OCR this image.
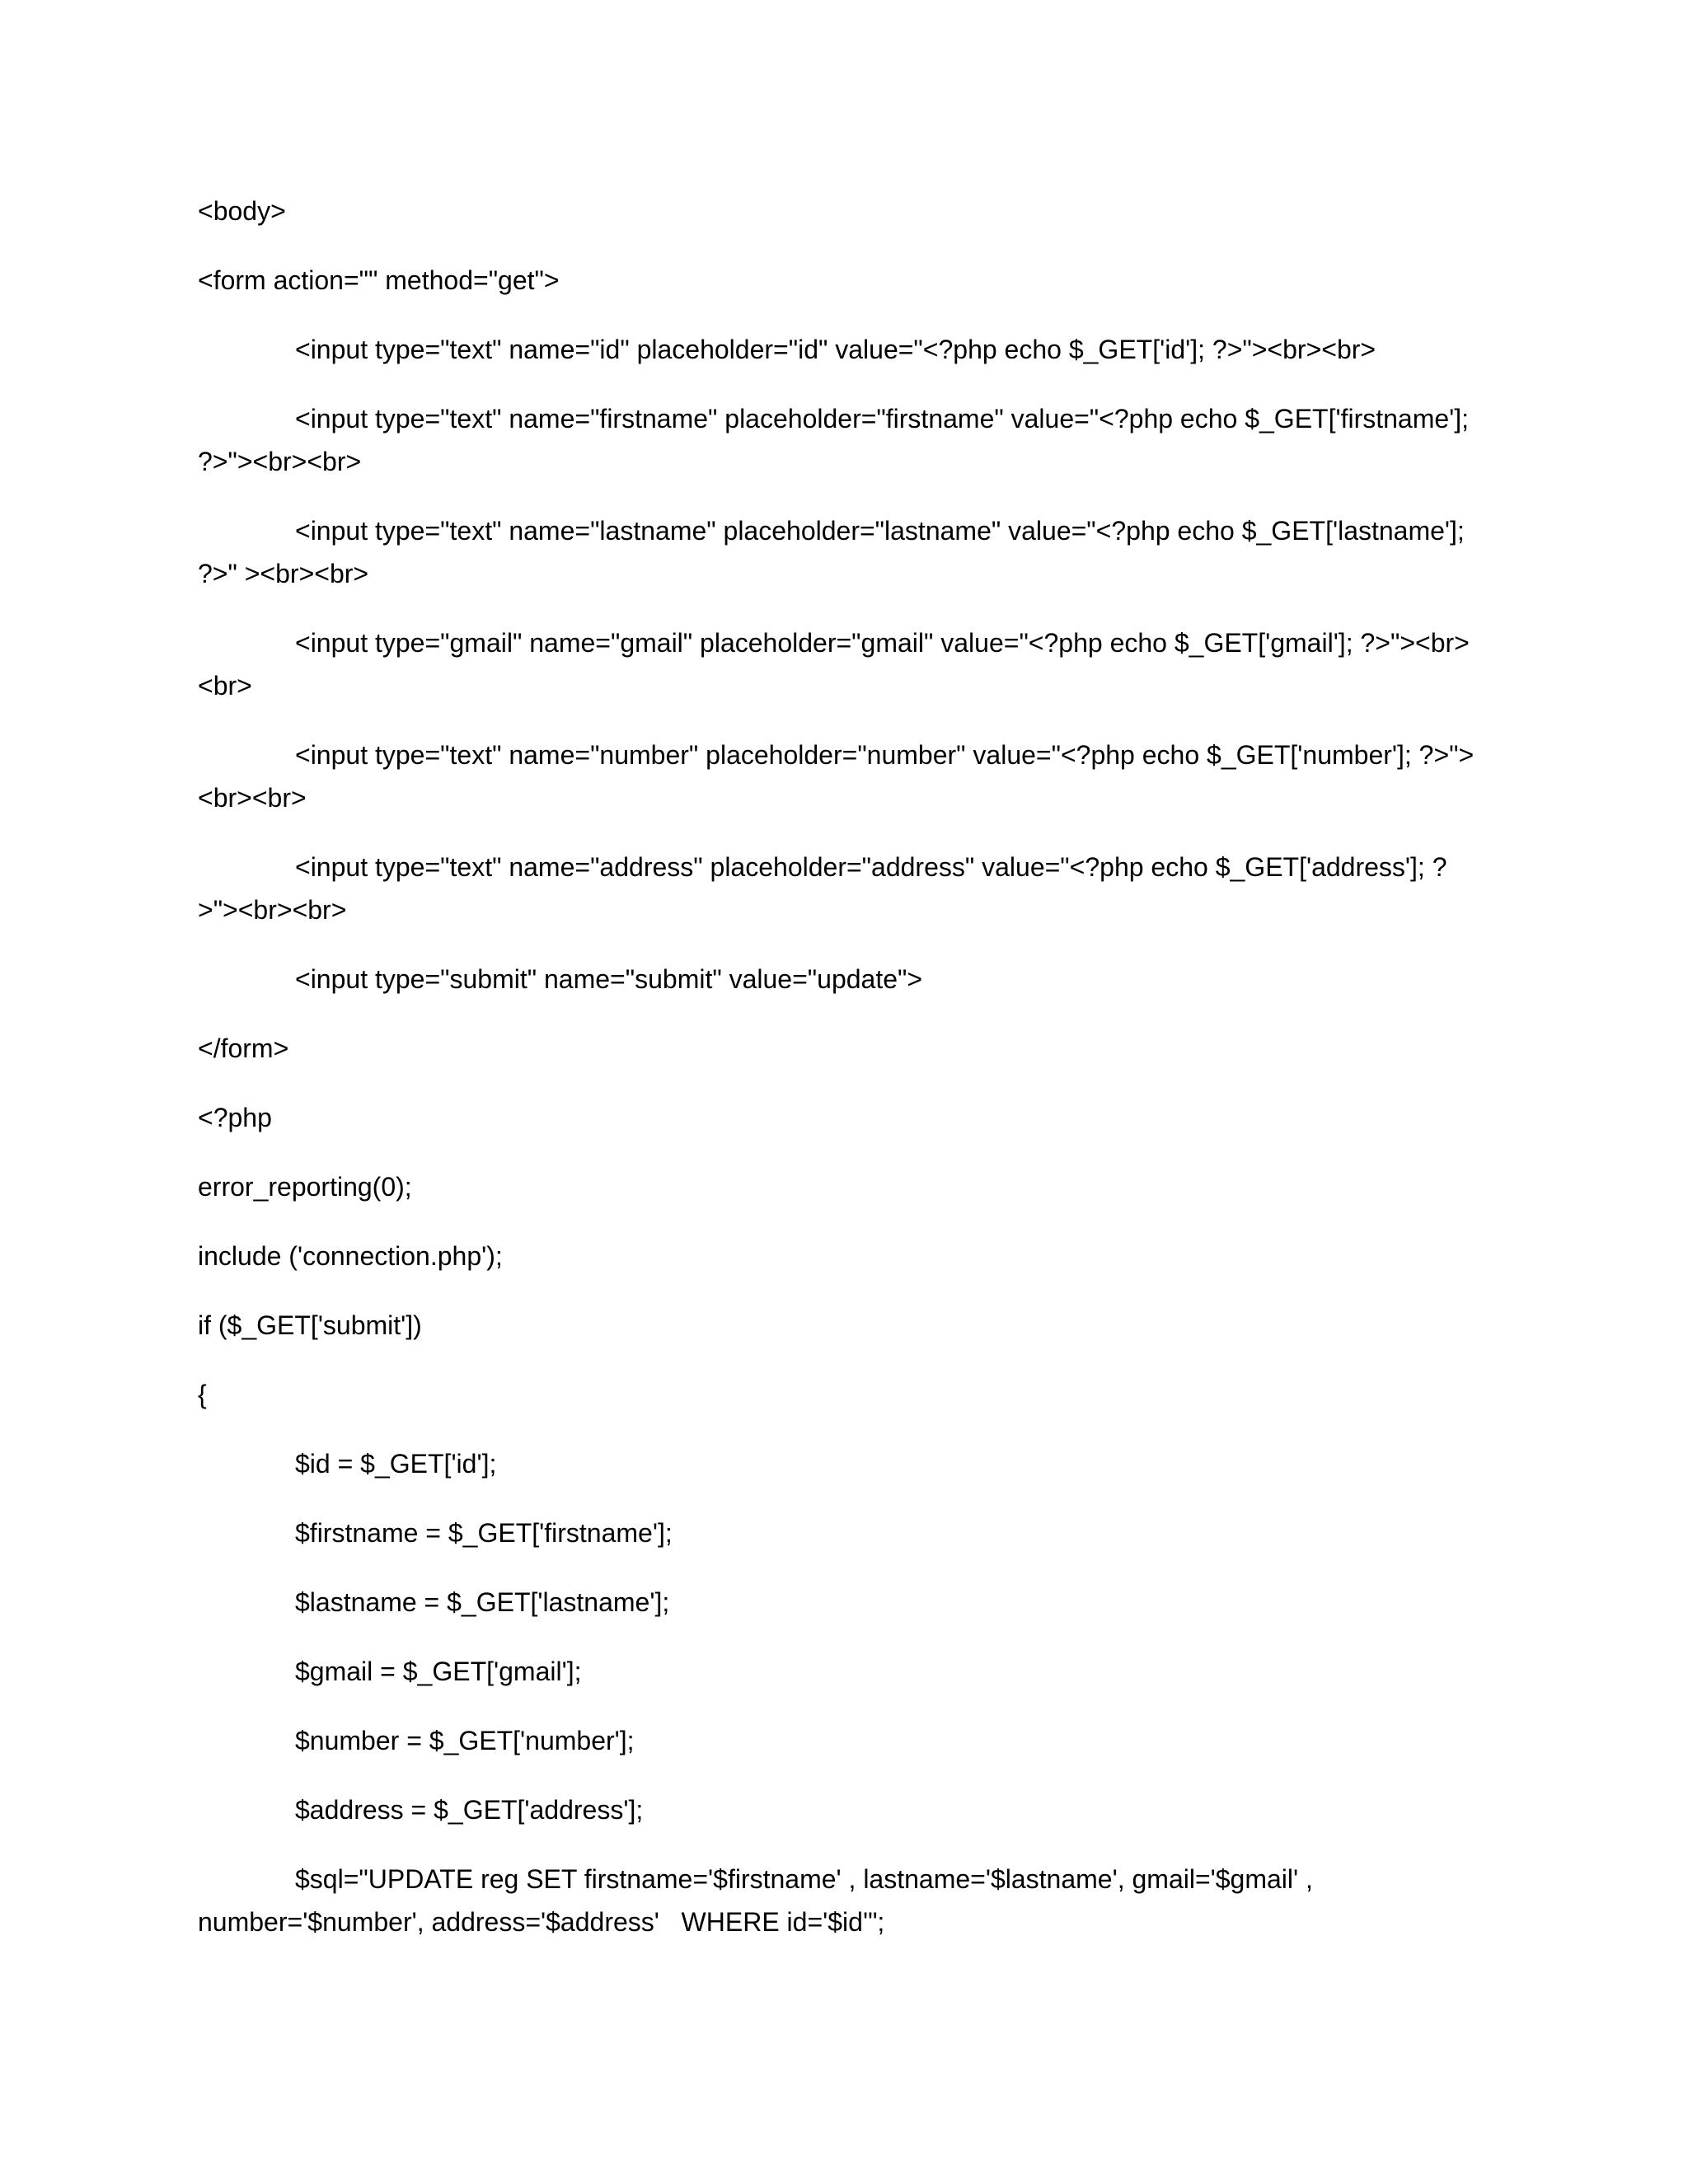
<body>

<form action="" method="get">

<input type="text" name="id" placeholder="id" value="<?php echo $_GET['id']; ?>"><br><br>

<input type="text" name="firstname" placeholder="firstname" value="<?php echo $_GET['firstname']; ?>"><br><br>

<input type="text" name="lastname" placeholder="lastname" value="<?php echo $_GET['lastname']; ?>" ><br><br>

<input type="gmail" name="gmail" placeholder="gmail" value="<?php echo $_GET['gmail']; ?>"><br><br>

<input type="text" name="number" placeholder="number" value="<?php echo $_GET['number']; ?>"><br><br>

<input type="text" name="address" placeholder="address" value="<?php echo $_GET['address']; ?>"><br><br>

<input type="submit" name="submit" value="update">

</form>

<?php

error_reporting(0);

include ('connection.php');

if ($_GET['submit'])

{

$id = $_GET['id'];

$firstname = $_GET['firstname'];

$lastname = $_GET['lastname'];

$gmail = $_GET['gmail'];

$number = $_GET['number'];

$address = $_GET['address'];

$sql="UPDATE reg SET firstname='$firstname' , lastname='$lastname', gmail='$gmail' , number='$number', address='$address'   WHERE id='$id'";
